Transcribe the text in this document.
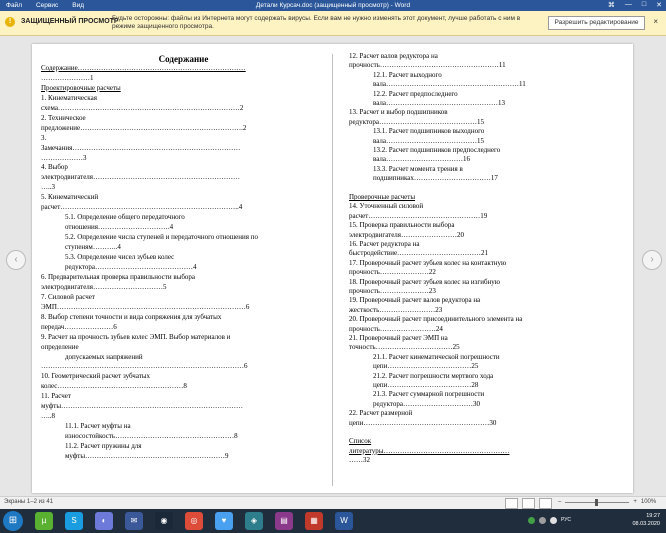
Файл Сервис Вид	Детали Курсач.doc (защищенный просмотр) - Word	⌘ — □ ✕
!	ЗАЩИЩЕННЫЙ ПРОСМОТР
Будьте осторожны: файлы из Интернета могут содержать вирусы. Если вам не нужно изменять этот документ, лучше работать с ним в режиме защищенного просмотра.
Разрешить редактирование	×
‹	›
Содержание
Содержание………………………………………………………………
…………………1
Проектировочные расчеты
1. Кинематическая
схема……………………………………………………………………2
2. Техническое
предложение…………………………………………………………….2
3.
Замечания………………………………………………………………
………………3
4. Выбор
электродвигателя………………………………………………………
…..3
5. Кинематический
расчет…………………………………………………………………..4
5.1. Определение общего передаточного
отношения………………………….4
5.2. Определение числа ступеней и передаточного отношения по
ступеням………..4
5.3. Определение чисел зубьев колес
редуктора……………………………………4
6. Предварительная проверка правильности выбора
электродвигателя…………………………5
7. Силовой расчет
ЭМП………………………………………………………………………6
8. Выбор степени точности и вида сопряжения для зубчатых
передач…………………6
9. Расчет на прочность зубьев колес ЭМП. Выбор материалов и
определение
допускаемых напряжений
……………………………………………………………………………6
10. Геометрический расчет зубчатых
колес………………………………………………8
11. Расчет
муфты……………………………………………………………………
…..8
11.1. Расчет муфты на
износостойкость……………………………………………8
11.2. Расчет пружины для
муфты……………………………………………………9
12. Расчет валов редуктора на
прочность……………………………………………11
12.1. Расчет выходного
вала…………………………………………………11
12.2. Расчет предпоследнего
вала…………………………………………13
13. Расчет и выбор подшипников
редуктора……………………………………15
13.1. Расчет подшипников выходного
вала…………………………………15
13.2. Расчет подшипников предпоследнего
вала……………………………16
13.3. Расчет момента трения в
подшипниках……………………………17
Проверочные расчеты
14. Уточненный силовой
расчет…………………………………………19
15. Проверка правильности выбора
электродвигателя……………………20
16. Расчет редуктора на
быстродействие………………………………21
17. Проверочный расчет зубьев колес на контактную
прочность…………………22
18. Проверочный расчет зубьев колес на изгибную
прочность…………………23
19. Проверочный расчет валов редуктора на
жесткость……………………23
20. Проверочный расчет присоединительного элемента на
прочность……………………24
21. Проверочный расчет ЭМП на
точность……………………………25
21.1. Расчет кинематической погрешности
цепи………………………………25
21.2. Расчет погрешности мертвого хода
цепи………………………………28
21.3. Расчет суммарной погрешности
редуктора…………………………30
22. Расчет размерной
цепи………………………………………………30
Список
литературы………………………………………………
……32
Экраны 1–2 из 41	–	+ 100%
⊞	µ	S	◐	✉	◉	◎	♥	◈	▤	▦	W	РУС
19:27
08.03.2020
